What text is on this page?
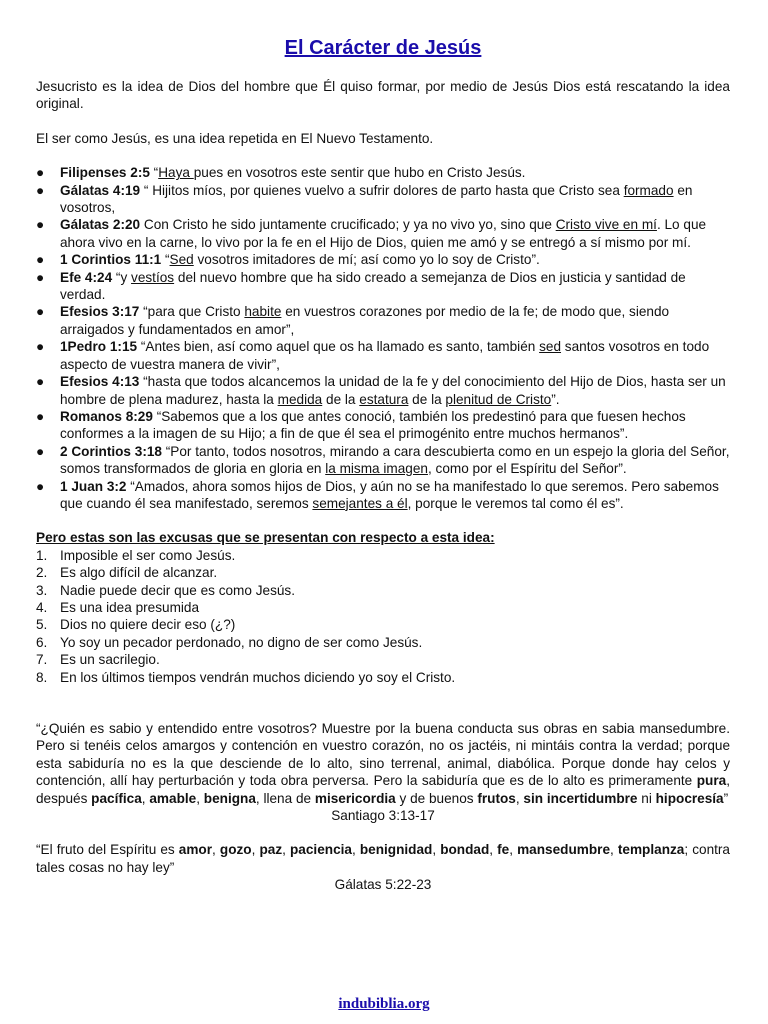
El Carácter de Jesús

Jesucristo es la idea de Dios del hombre que Él quiso formar, por medio de Jesús Dios está rescatando la idea original.

El ser como Jesús, es una idea repetida en El Nuevo Testamento.

● Filipenses 2:5 “Haya pues en vosotros este sentir que hubo en Cristo Jesús.
● Gálatas 4:19 “ Hijitos míos, por quienes vuelvo a sufrir dolores de parto hasta que Cristo sea formado en vosotros,
● Gálatas 2:20 Con Cristo he sido juntamente crucificado; y ya no vivo yo, sino que Cristo vive en mí. Lo que ahora vivo en la carne, lo vivo por la fe en el Hijo de Dios, quien me amó y se entregó a sí mismo por mí.
● 1 Corintios 11:1 “Sed vosotros imitadores de mí; así como yo lo soy de Cristo”.
● Efe 4:24 “y vestíos del nuevo hombre que ha sido creado a semejanza de Dios en justicia y santidad de verdad.
● Efesios 3:17 “para que Cristo habite en vuestros corazones por medio de la fe; de modo que, siendo arraigados y fundamentados en amor”,
● 1Pedro 1:15 “Antes bien, así como aquel que os ha llamado es santo, también sed santos vosotros en todo aspecto de vuestra manera de vivir”,
● Efesios 4:13 “hasta que todos alcancemos la unidad de la fe y del conocimiento del Hijo de Dios, hasta ser un hombre de plena madurez, hasta la medida de la estatura de la plenitud de Cristo”.
● Romanos 8:29 “Sabemos que a los que antes conoció, también los predestinó para que fuesen hechos conformes a la imagen de su Hijo; a fin de que él sea el primogénito entre muchos hermanos”.
● 2 Corintios 3:18 “Por tanto, todos nosotros, mirando a cara descubierta como en un espejo la gloria del Señor, somos transformados de gloria en gloria en la misma imagen, como por el Espíritu del Señor”.
● 1 Juan 3:2 “Amados, ahora somos hijos de Dios, y aún no se ha manifestado lo que seremos. Pero sabemos que cuando él sea manifestado, seremos semejantes a él, porque le veremos tal como él es”.

Pero estas son las excusas que se presentan con respecto a esta idea:

1. Imposible el ser como Jesús.
2. Es algo difícil de alcanzar.
3. Nadie puede decir que es como Jesús.
4. Es una idea presumida
5. Dios no quiere decir eso (¿?)
6. Yo soy un pecador perdonado, no digno de ser como Jesús.
7. Es un sacrilegio.
8. En los últimos tiempos vendrán muchos diciendo yo soy el Cristo.

“¿Quién es sabio y entendido entre vosotros? Muestre por la buena conducta sus obras en sabia mansedumbre. Pero si tenéis celos amargos y contención en vuestro corazón, no os jactéis, ni mintáis contra la verdad; porque esta sabiduría no es la que desciende de lo alto, sino terrenal, animal, diabólica. Porque donde hay celos y contención, allí hay perturbación y toda obra perversa. Pero la sabiduría que es de lo alto es primeramente pura, después pacífica, amable, benigna, llena de misericordia y de buenos frutos, sin incertidumbre ni hipocresía”

Santiago 3:13-17

“El fruto del Espíritu es amor, gozo, paz, paciencia, benignidad, bondad, fe, mansedumbre, templanza; contra tales cosas no hay ley”

Gálatas 5:22-23

indubiblia.org
